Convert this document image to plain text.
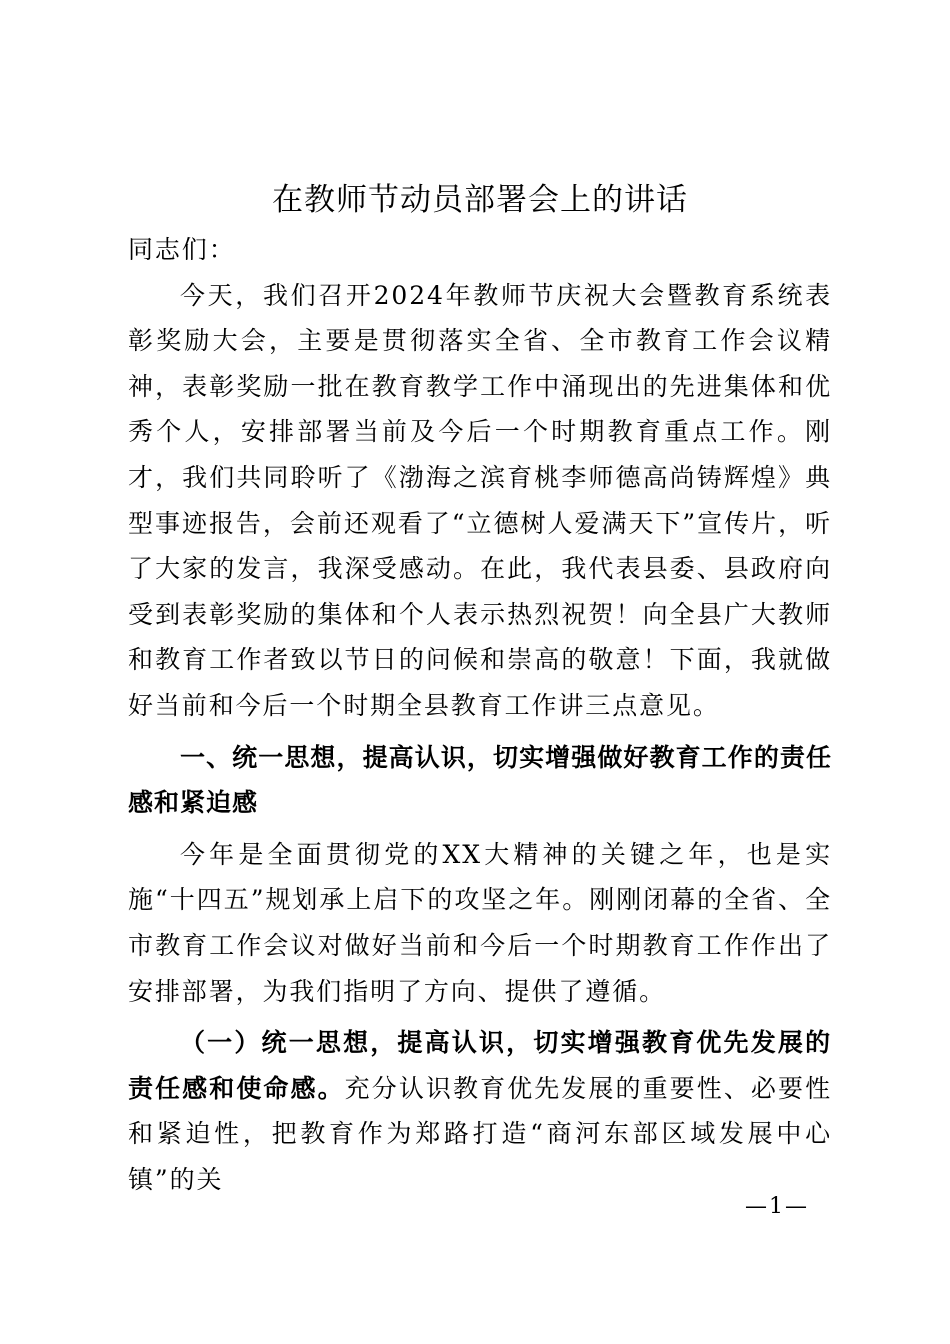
在教师节动员部署会上的讲话

同志们：

今天，我们召开2024年教师节庆祝大会暨教育系统表彰奖励大会，主要是贯彻落实全省、全市教育工作会议精神，表彰奖励一批在教育教学工作中涌现出的先进集体和优秀个人，安排部署当前及今后一个时期教育重点工作。刚才，我们共同聆听了《渤海之滨育桃李师德高尚铸辉煌》典型事迹报告，会前还观看了“立德树人爱满天下”宣传片，听了大家的发言，我深受感动。在此，我代表县委、县政府向受到表彰奖励的集体和个人表示热烈祝贺！向全县广大教师和教育工作者致以节日的问候和崇高的敬意！下面，我就做好当前和今后一个时期全县教育工作讲三点意见。

一、统一思想，提高认识，切实增强做好教育工作的责任感和紧迫感

今年是全面贯彻党的XX大精神的关键之年，也是实施“十四五”规划承上启下的攻坚之年。刚刚闭幕的全省、全市教育工作会议对做好当前和今后一个时期教育工作作出了安排部署，为我们指明了方向、提供了遵循。

（一）统一思想，提高认识，切实增强教育优先发展的责任感和使命感。充分认识教育优先发展的重要性、必要性和紧迫性，把教育作为郑路打造“商河东部区域发展中心镇”的关

—1—
